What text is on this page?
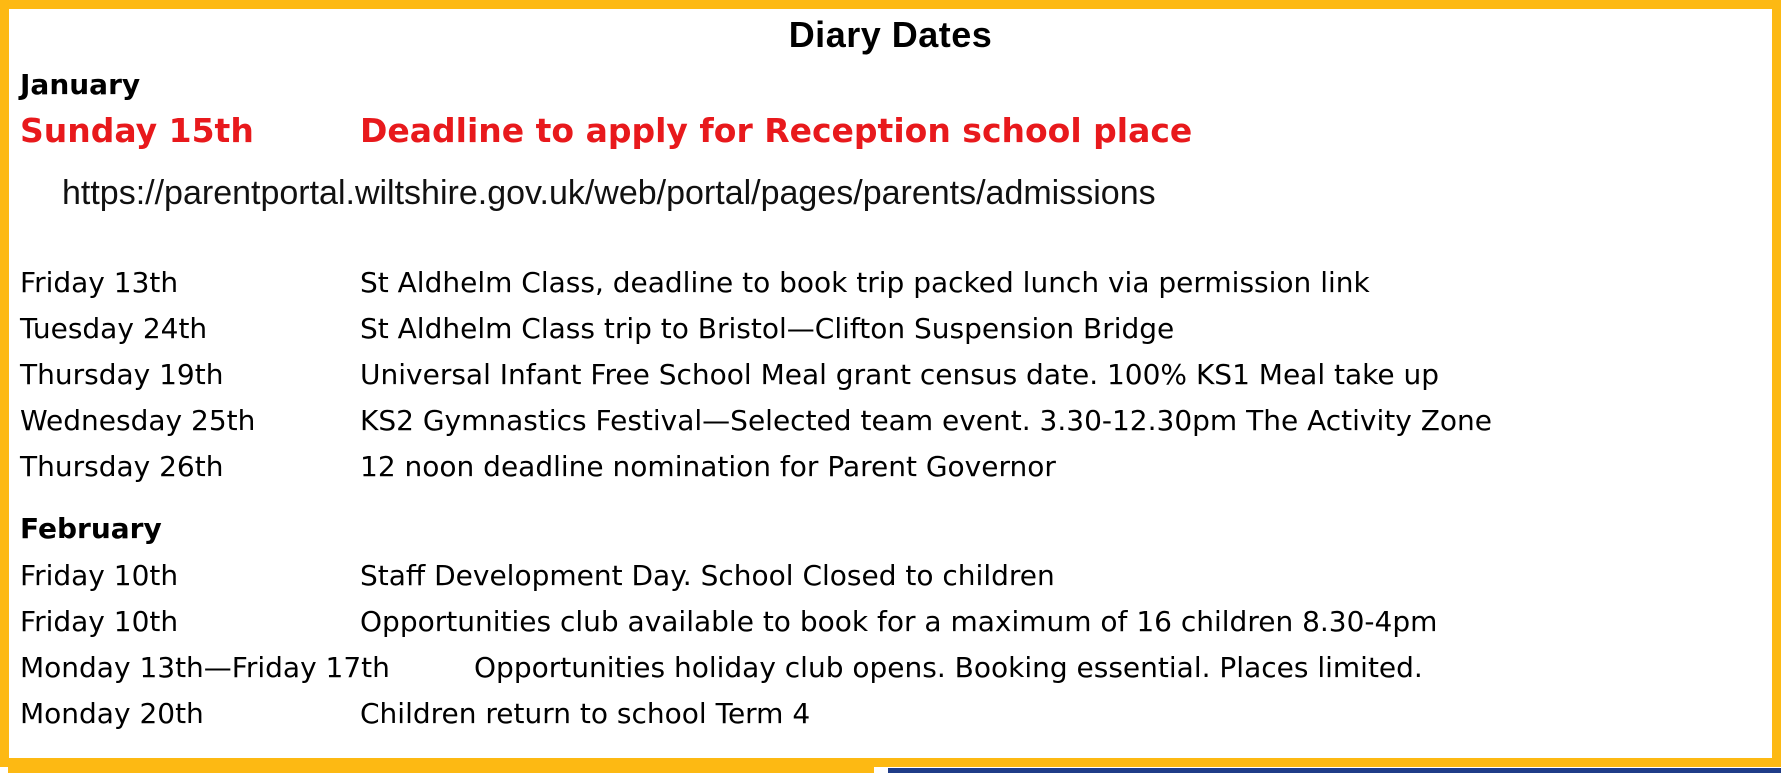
Diary Dates
January
Sunday 15th	Deadline to apply for Reception school place
https://parentportal.wiltshire.gov.uk/web/portal/pages/parents/admissions
Friday 13th	St Aldhelm Class, deadline to book trip packed lunch via permission link
Tuesday 24th	St Aldhelm Class trip to Bristol—Clifton Suspension Bridge
Thursday 19th	Universal Infant Free School Meal grant census date. 100% KS1 Meal take up
Wednesday 25th	KS2 Gymnastics Festival—Selected team event. 3.30-12.30pm The Activity Zone
Thursday 26th	12 noon deadline nomination for Parent Governor
February
Friday 10th	Staff Development Day. School Closed to children
Friday 10th	Opportunities club available to book for a maximum of 16 children 8.30-4pm
Monday 13th—Friday 17th	Opportunities holiday club opens. Booking essential. Places limited.
Monday 20th	Children return to school Term 4
